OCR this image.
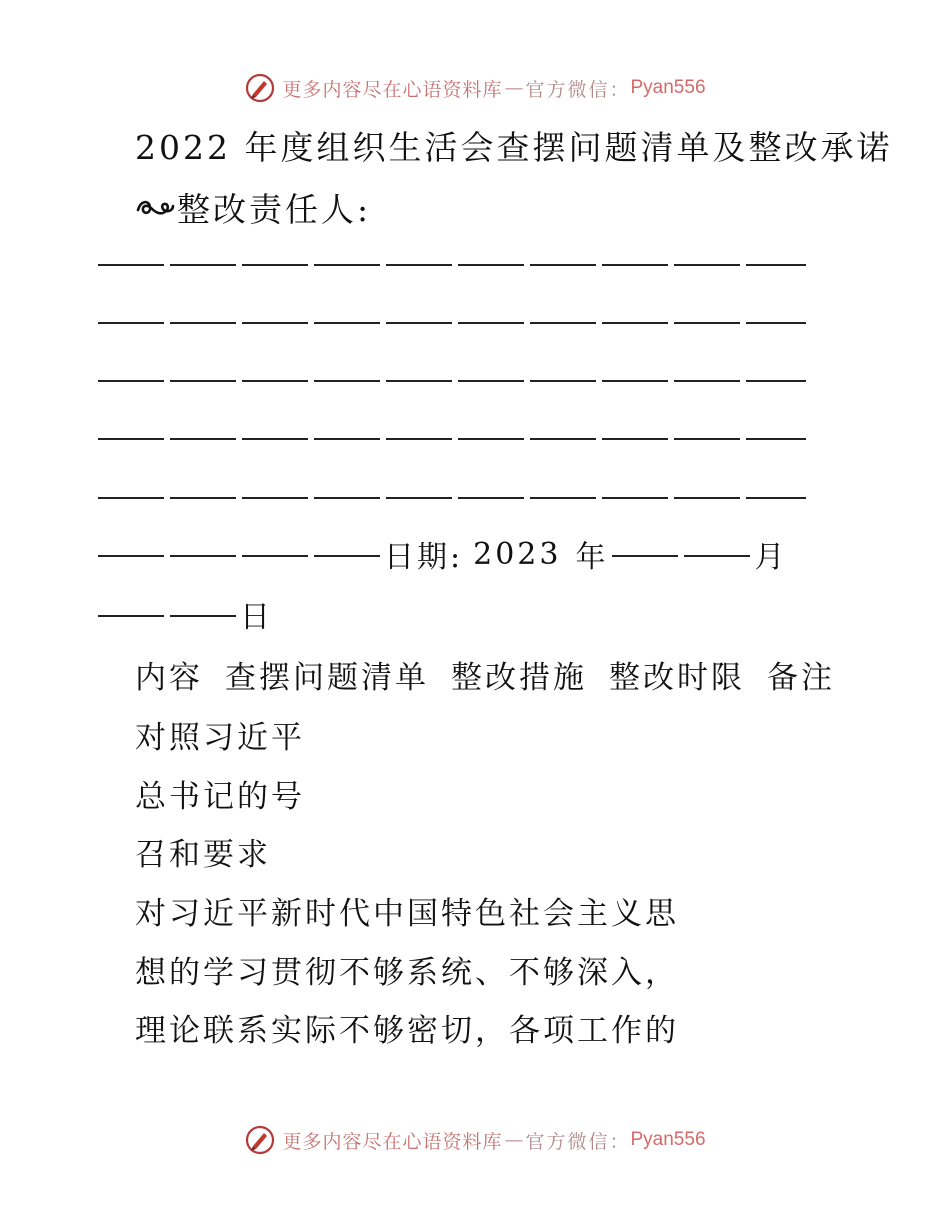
更多内容尽在心语资料库 — 官方微信： Pyan556
2022 年度组织生活会查摆问题清单及整改承诺
整改责任人:
日期: 2023 年	月
日
内容 查摆问题清单 整改措施 整改时限 备注
对照习近平
总书记的号
召和要求
对习近平新时代中国特色社会主义思
想的学习贯彻不够系统、不够深入，
理论联系实际不够密切，各项工作的
更多内容尽在心语资料库 — 官方微信： Pyan556
